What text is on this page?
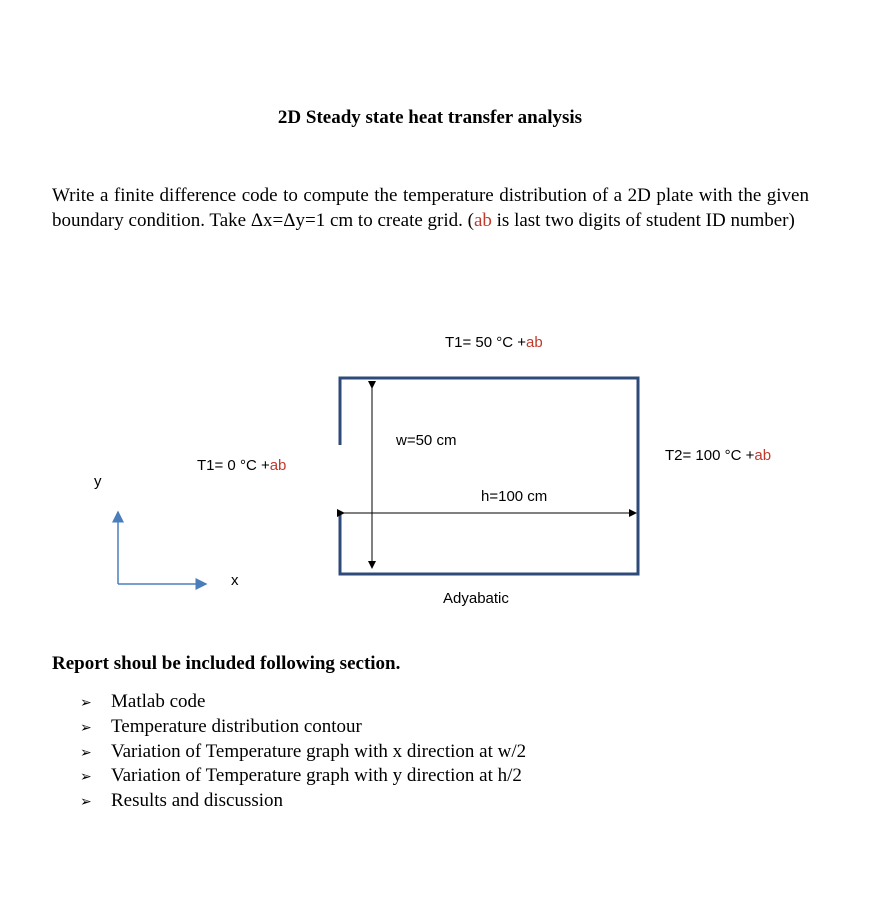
2D Steady state heat transfer analysis
Write a finite difference code to compute the temperature distribution of a 2D plate with the given boundary condition. Take Δx=Δy=1 cm to create grid. (ab is last two digits of student ID number)
T1= 50 °C +ab
T1= 0 °C +ab
T2= 100 °C +ab
w=50 cm
h=100 cm
Adyabatic
y
x
Report shoul be included following section.
➢ Matlab code
➢ Temperature distribution contour
➢ Variation of Temperature graph with x direction at w/2
➢ Variation of Temperature graph with y direction at h/2
➢ Results and discussion
